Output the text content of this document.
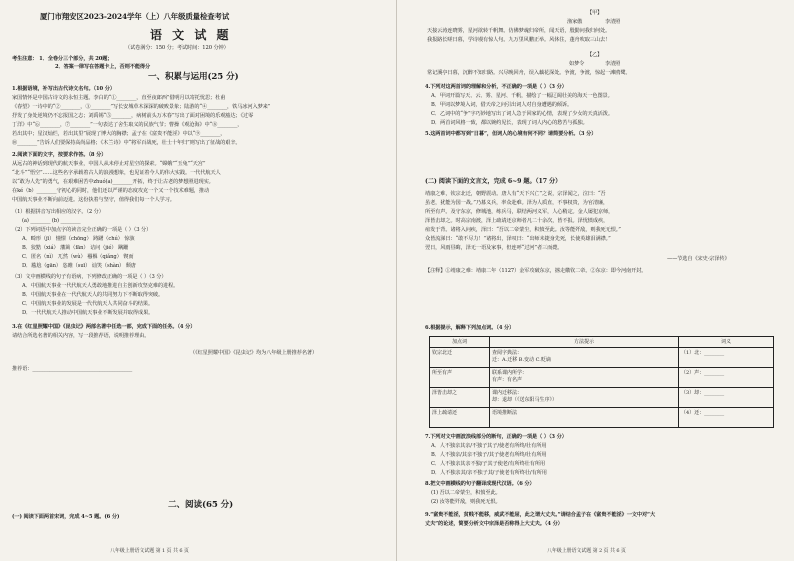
厦门市翔安区2023-2024学年（上）八年级质量检查考试
语 文 试 题
（试卷满分：150 分；考试时间：120 分钟）
考生注意： 1．全卷分三个部分，共 20题；
2．答案一律写在答题卡上，否则不能得分
一、积累与运用(25 分)
1.根据语境，补写出古代诗文名句。（10 分）
家国情怀是中国古诗文的永恒主题。李白的“①________，直至夜郎西”借明月以寄托忧思；杜甫
《春望》一诗中的“②________，③________”写长安城草木深深的破败景象；陆游的“④________，铁马冰河入梦来”
抒发了身处逆境仍不忘报国之志；刘禹锡“⑤________，病树前头万木春”写出了面对困境的乐观豁达；《过零
丁洋》中“⑥________，⑦________”一句表达了舍生取义的民族气节；曹操《观沧海》中“⑧________，
若出其中；星汉灿烂，若出其里”展现了博大的胸襟；孟子在《富贵不能淫》中以“⑨________，
⑩________”告诉人们要保持高尚品格；《木兰诗》中“将军百战死，壮士十年归”则写出了征战的艰辛。
2.阅读下面的文字，按要求作答。（8 分）
从远古的神话到现代的航天事业，中国人从未停止对星空的探索。“嫦娥”“玉兔”“天宫”
“北斗”“悟空”……这些名字承载着古人的浪漫想象，也见证着今人的伟大实践。一代代航天人
以“敢为人先”的勇气，在艰难困苦中zhuó(a)________开拓，终于让古老的梦想照进现实。
在ké（b）________守初心的同时，他们还以严谨的态度攻克一个又一个技术难题，推动
中国航天事业不断向前迈进。这份执着与坚守，值得我们每一个人学习。
（1）根据拼音写出相应的汉字。（2 分）
(a) ________ (b) ________
（2）下列词语中加点字的读音完全正确的一项是（ ）（3 分）
A．畸形（jī） 憧憬（chōng） 踌躇（chú） 惊骇
B．狡黠（xiá） 藩篱（fān） 诘问（jié） 蹒跚
C．匿名（nì） 兀然（wù） 襁褓（qiǎng） 锲而
D．尴尬（gān） 恣睢（suī） 讪笑（shàn） 颓唐
（3）文中画横线的句子有语病，下列修改正确的一项是（ ）（3 分）
A．中国航天事业一代代航天人勇敢地推进自主创新攻坚克难的进程。
B．中国航天事业在一代代航天人的共同努力下不断取得突破。
C．中国航天事业的发展是一代代航天人共同奋斗的结果。
D．一代代航天人推动中国航天事业不断发展并取得成果。
3.在《红星照耀中国》《昆虫记》两部名著中任选一部，完成下面的任务。（4 分）
请结合所选名著的相关内容，写一段推荐语，说明推荐理由。
（《红星照耀中国》《昆虫记》均为八年级上册推荐名著）
推荐语：________________________________________
二、阅读(65 分)
(一) 阅读下面两首宋词，完成 4~5 题。(6 分)
八年级上册语文试题 第 1 页 共 6 页
【甲】
渔家傲	李清照
天接云涛连晓雾，星河欲转千帆舞。仿佛梦魂归帝所，闻天语，殷勤问我归何处。
我报路长嗟日暮，学诗谩有惊人句。九万里风鹏正举。风休住，蓬舟吹取三山去！
【乙】
如梦令	李清照
常记溪亭日暮，沉醉不知归路。兴尽晚回舟，误入藕花深处。争渡，争渡，惊起一滩鸥鹭。
4.下列对这两首词的理解和分析，不正确的一项是（ ）（3 分）
A．甲词开篇写天、云、雾、星河、千帆，描绘了一幅辽阔壮美的海天一色图景。
B．甲词以梦境入词，借天帝之问引出词人对自身遭遇的倾诉。
C．乙词中的“争”字巧妙地写出了词人急于回家的心情，表现了少女的天真活泼。
D．两首词风格一致，都以婉约见长，表现了词人内心的愁苦与孤独。
5.这两首词中都写到“日暮”，但词人的心境有何不同？请简要分析。（3 分）
(二) 阅读下面的文言文，完成 6~9 题。（17 分）
靖康之难，钦宗北迁，朝野震动。唐人有“天下兴亡”之说，宗泽闻之，泣曰：“吾
虽老，犹能为国一战。”乃募义兵，率众赴难。泽为人质直，不事权贵，为官清廉，
所至有声。及守东京，修城池，练兵马，联结两河义军，人心稍定。金人屡犯京师，
泽皆击却之。时高宗南渡，泽上疏请还京师者凡二十余次，皆不报。泽忧愤成疾，
疽发于背。诸将入问疾，泽曰：“吾以二帝蒙尘，积愤至此。汝等能歼敌，则我死无恨。”
众皆流涕曰：“敢不尽力！”诸将出，泽叹曰：“出师未捷身先死，长使英雄泪满襟。”
翌日，风雨昼晦，泽无一语及家事，但连呼“过河”者三而薨。
——节选自《宋史·宗泽传》
【注释】①靖康之难：靖康二年（1127）金军攻破东京，掳走徽钦二帝。②东京：即今河南开封。
6.根据提示，解释下列加点词。（4 分）
加点词	方法提示	词义
钦宗北迁	查阅字典法：
迁：A.迁移 B.变动 C.贬谪	（1）北：________
所至有声	联系课内所学：
有声：有名声	（2）声：________
泽皆击却之	课内迁移法：
却：退却（《送东阳马生序》）	（3）却：________
泽上疏请还	语境推断法	（4）还：________
7.下列对文中画波浪线部分的断句，正确的一项是（ ）（3 分）
A．人不独亲其亲/不独子其子/使老有所终/壮有所用
B．人不独亲/其亲不独子/其子使老有所终/壮有所用
C．人不独亲其亲不独/子其子使老/有所终壮有所用
D．人不独亲其/亲不独子其/子使老有所终壮/有所用
8.把文中画横线的句子翻译成现代汉语。（6 分）
(1) 吾以二帝蒙尘，积愤至此。
(2) 汝等能歼敌，则我死无恨。
9.“富贵不能淫，贫贱不能移，威武不能屈，此之谓大丈夫。”请结合孟子在《富贵不能淫》一文中对“大
丈夫”的论述，简要分析文中宗泽是否称得上大丈夫。（4 分）
八年级上册语文试题 第 2 页 共 6 页
